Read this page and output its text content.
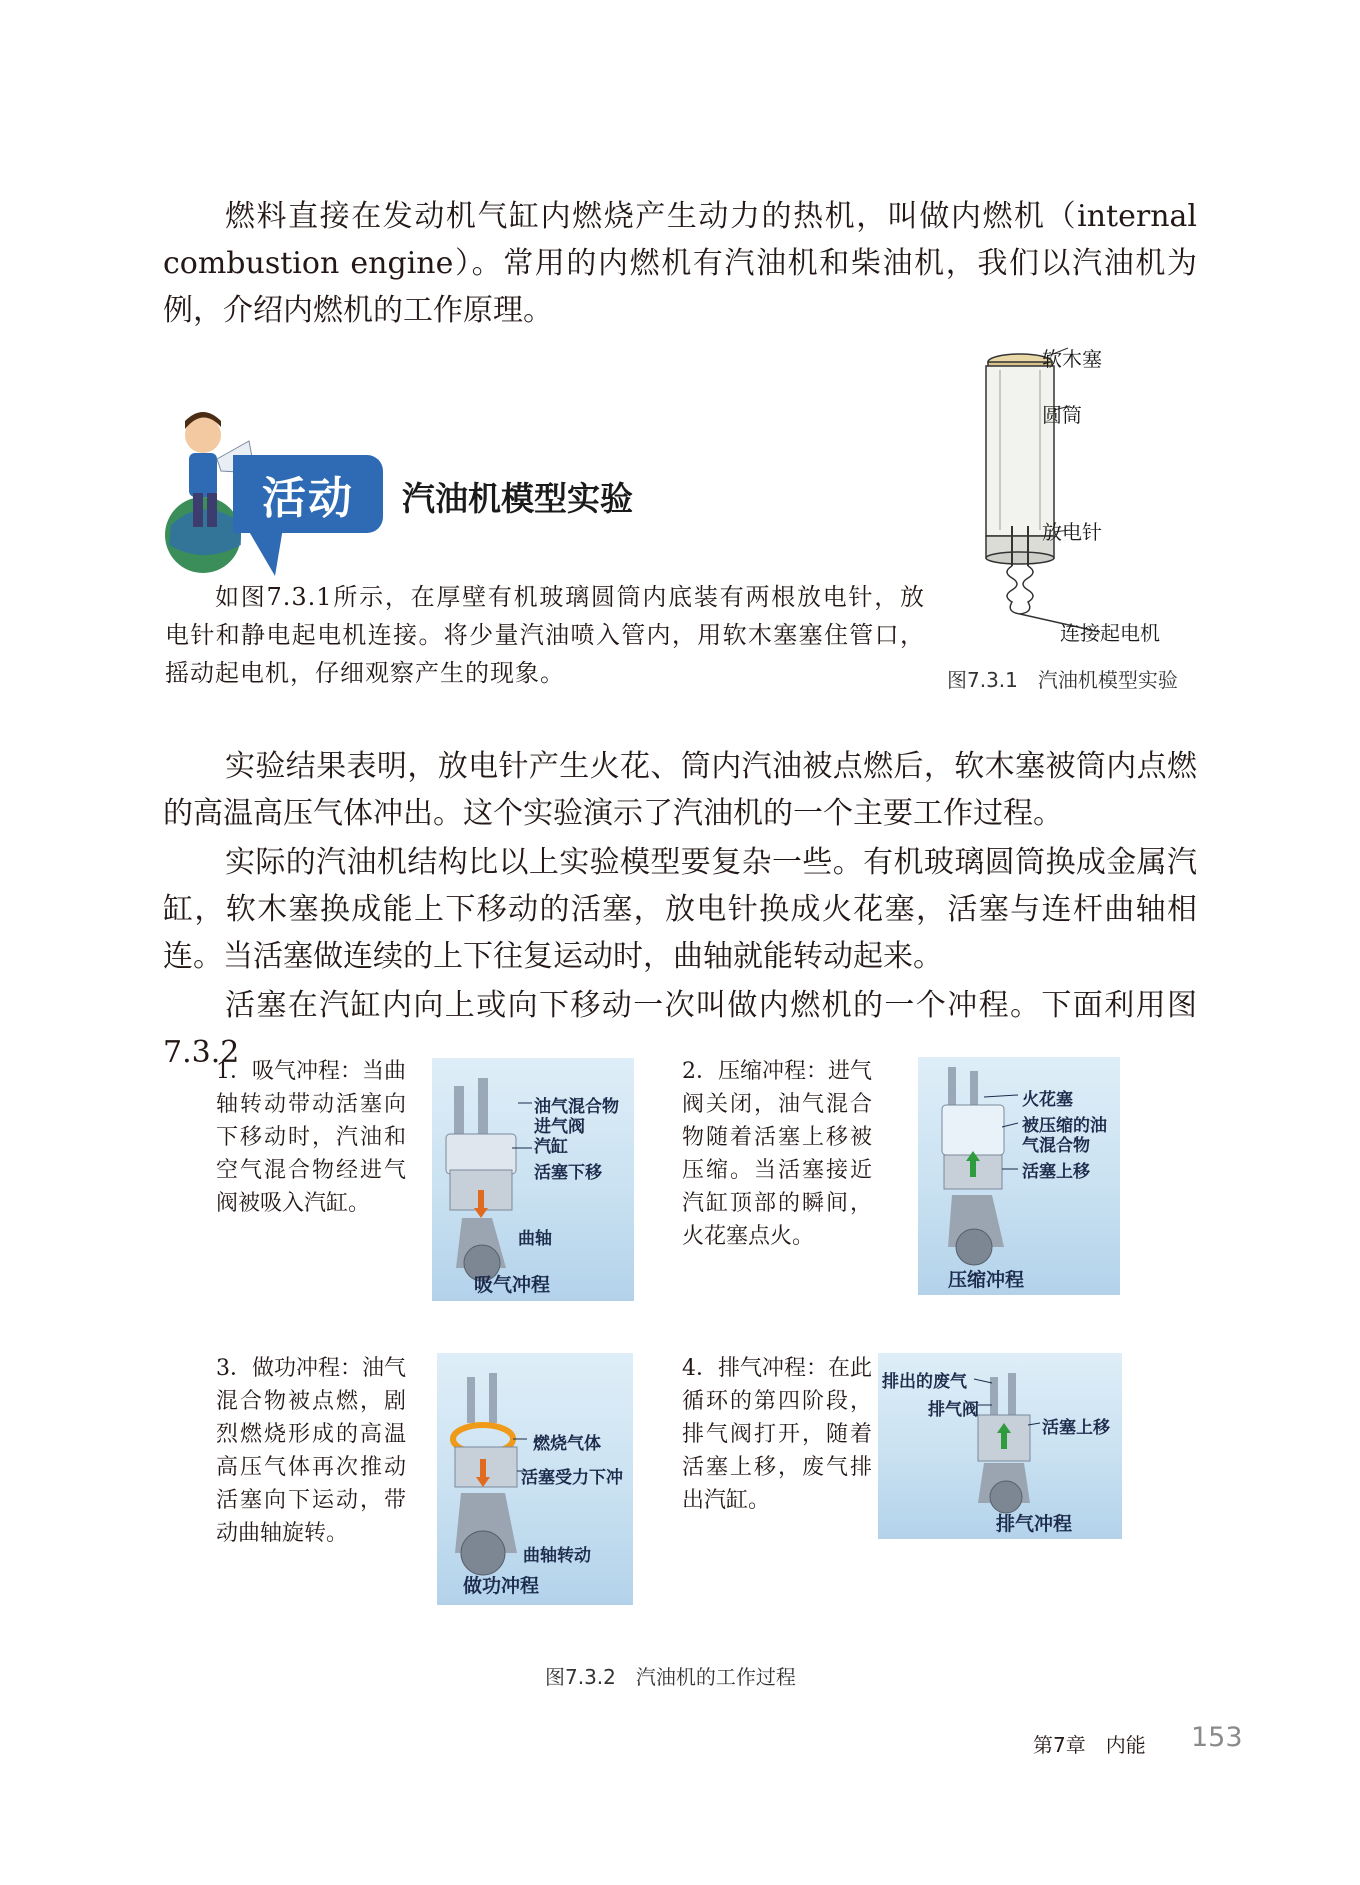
燃料直接在发动机气缸内燃烧产生动力的热机，叫做内燃机（internal combustion engine）。常用的内燃机有汽油机和柴油机，我们以汽油机为例，介绍内燃机的工作原理。

活动 汽油机模型实验

如图7.3.1所示，在厚壁有机玻璃圆筒内底装有两根放电针，放电针和静电起电机连接。将少量汽油喷入管内，用软木塞塞住管口，摇动起电机，仔细观察产生的现象。

软木塞
圆筒
放电针
连接起电机
图7.3.1　汽油机模型实验

实验结果表明，放电针产生火花、筒内汽油被点燃后，软木塞被筒内点燃的高温高压气体冲出。这个实验演示了汽油机的一个主要工作过程。

实际的汽油机结构比以上实验模型要复杂一些。有机玻璃圆筒换成金属汽缸，软木塞换成能上下移动的活塞，放电针换成火花塞，活塞与连杆曲轴相连。当活塞做连续的上下往复运动时，曲轴就能转动起来。

活塞在汽缸内向上或向下移动一次叫做内燃机的一个冲程。下面利用图7.3.2

1．吸气冲程：当曲轴转动带动活塞向下移动时，汽油和空气混合物经进气阀被吸入汽缸。

油气混合物
进气阀
汽缸
活塞下移
曲轴
吸气冲程

2．压缩冲程：进气阀关闭，油气混合物随着活塞上移被压缩。当活塞接近汽缸顶部的瞬间，火花塞点火。

火花塞
被压缩的油
气混合物
活塞上移
压缩冲程

3．做功冲程：油气混合物被点燃，剧烈燃烧形成的高温高压气体再次推动活塞向下运动，带动曲轴旋转。

燃烧气体
活塞受力下冲
曲轴转动
做功冲程

4．排气冲程：在此循环的第四阶段，排气阀打开，随着活塞上移，废气排出汽缸。

排出的废气
排气阀
活塞上移
排气冲程
图7.3.2　汽油机的工作过程
第7章　内能 153
